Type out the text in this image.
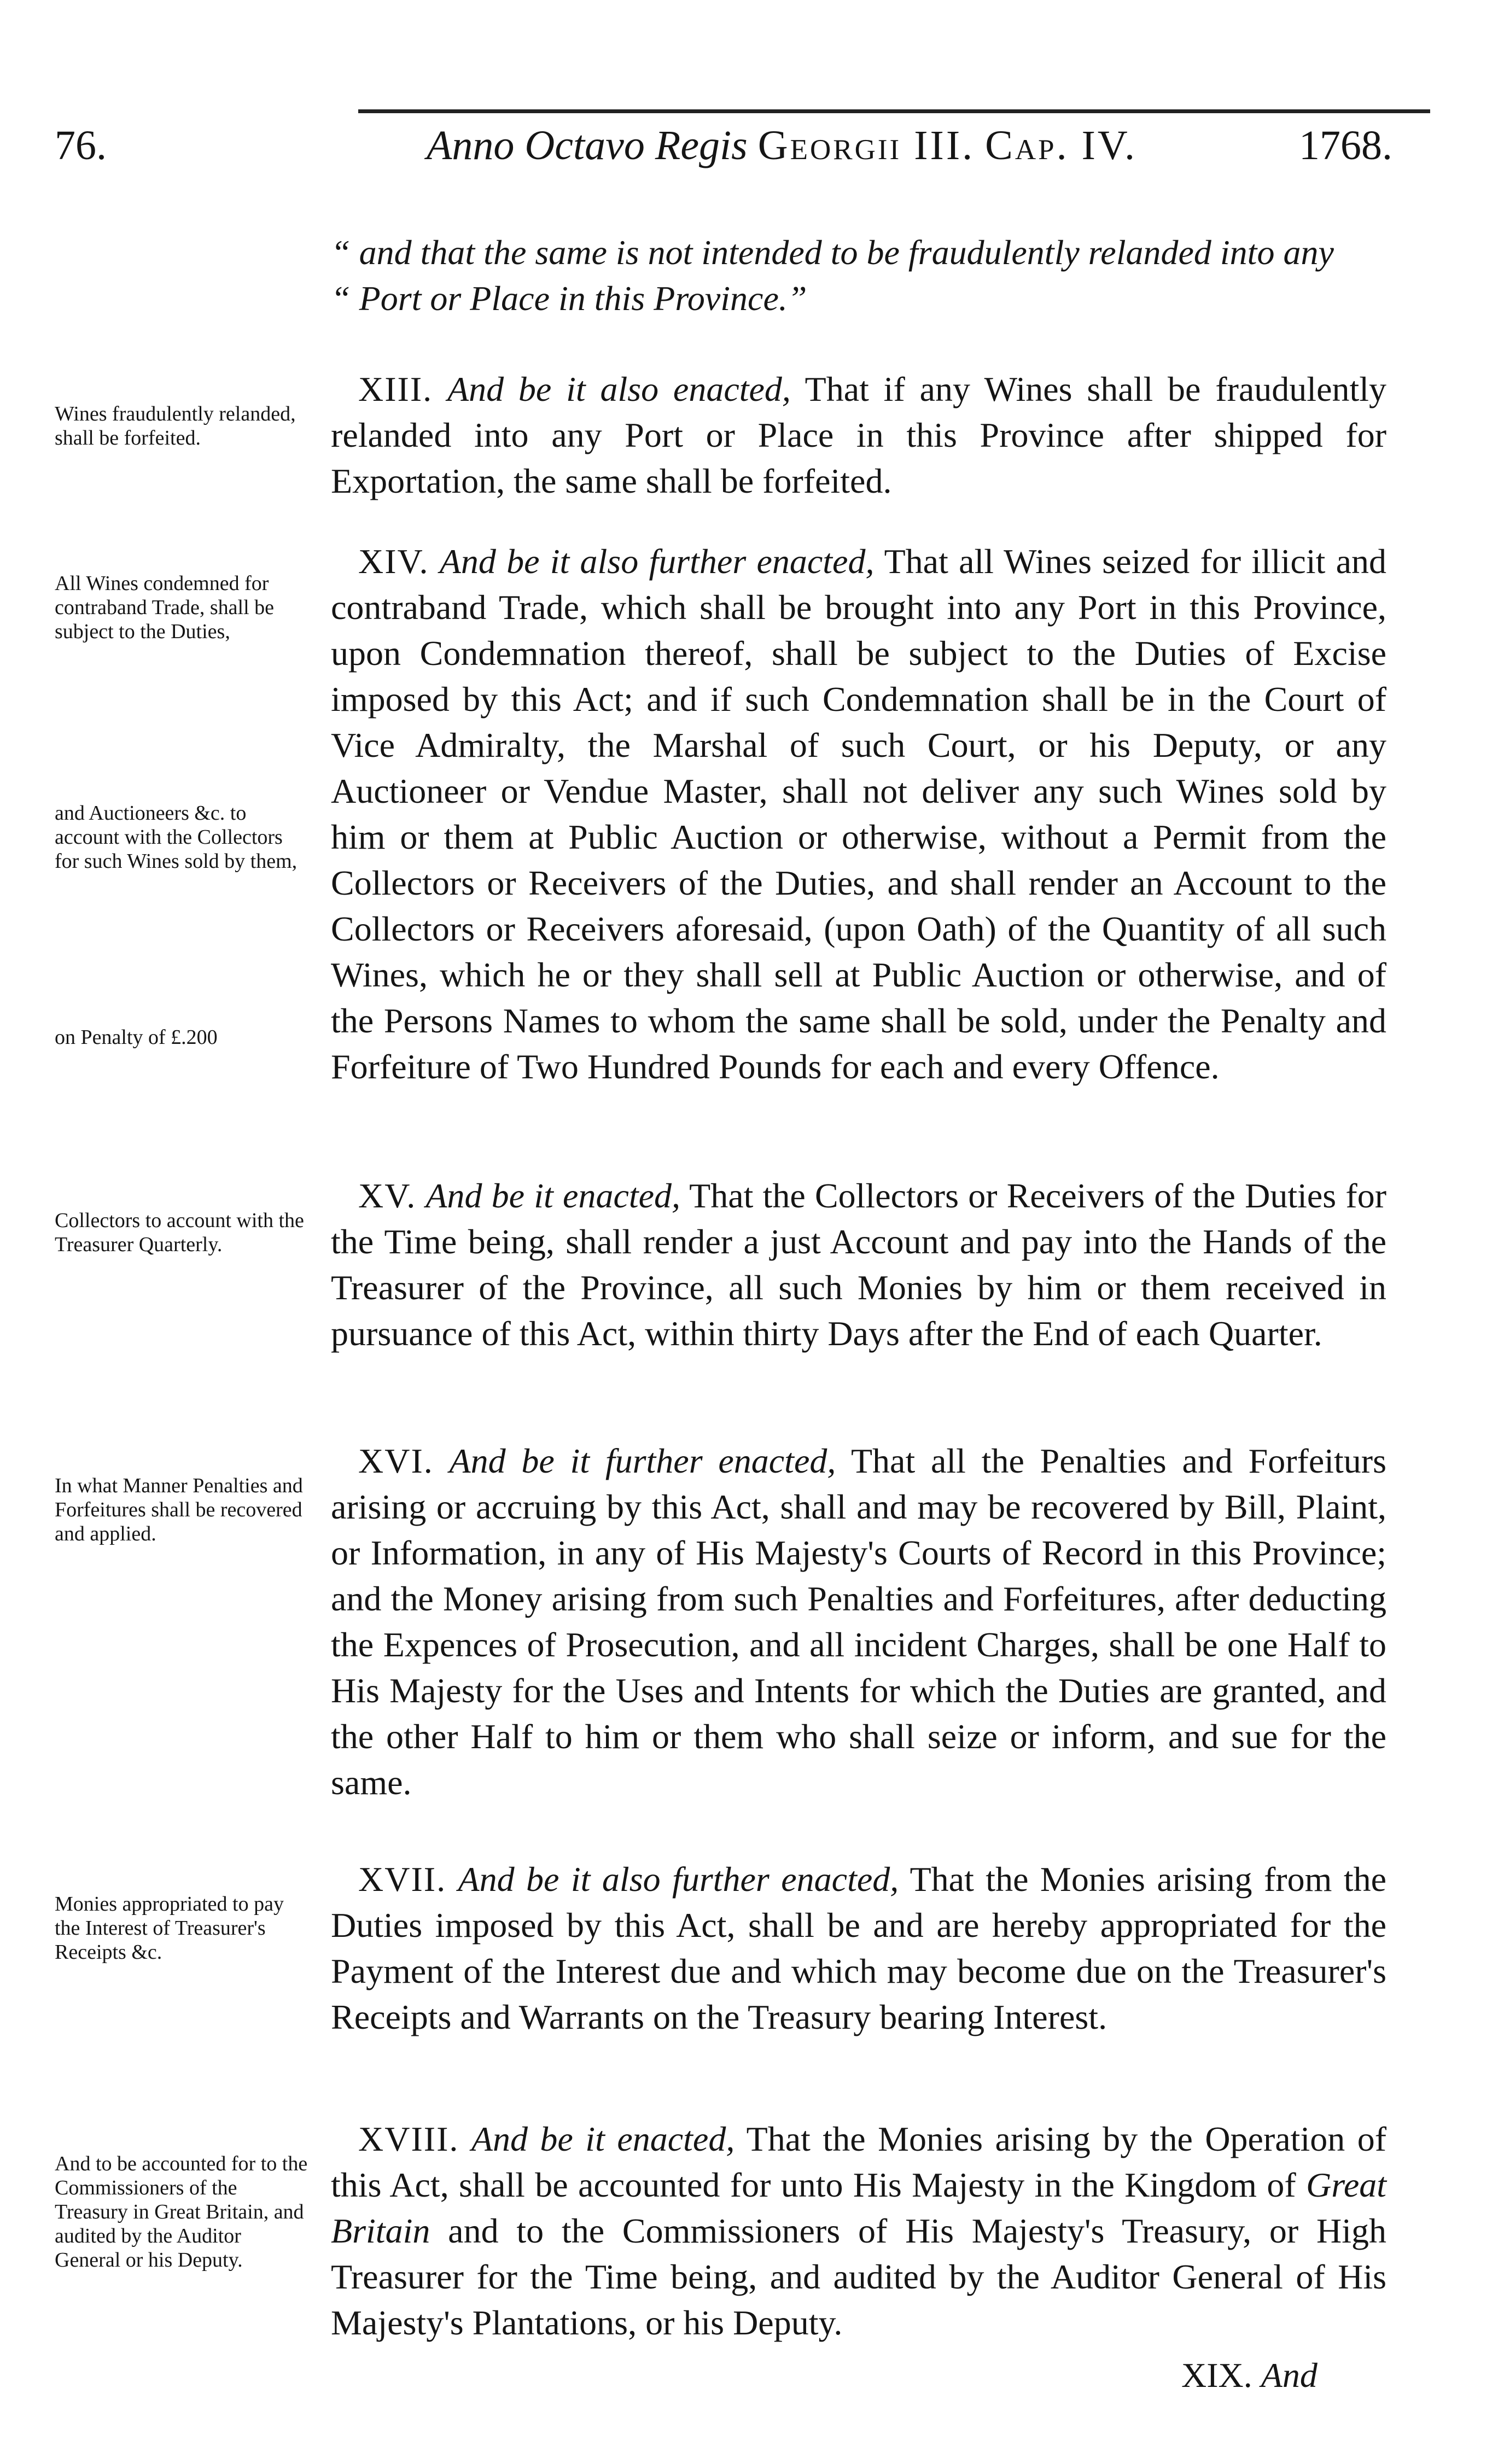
76.	Anno Octavo Regis Georgii III. Cap. IV.	1768.
“ and that the same is not intended to be fraudulently relanded into any
“ Port or Place in this Province.”
Wines fraudulently relanded, shall be forfeited.
XIII. And be it also enacted, That if any Wines shall be fraudulently relanded into any Port or Place in this Province after shipped for Exportation, the same shall be forfeited.
All Wines condemned for contraband Trade, shall be subject to the Duties,
and Auctioneers &c. to account with the Collectors for such Wines sold by them,
on Penalty of £.200
XIV. And be it also further enacted, That all Wines seized for illicit and contraband Trade, which shall be brought into any Port in this Province, upon Condemnation thereof, shall be subject to the Duties of Excise imposed by this Act; and if such Condemnation shall be in the Court of Vice Admiralty, the Marshal of such Court, or his Deputy, or any Auctioneer or Vendue Master, shall not deliver any such Wines sold by him or them at Public Auction or otherwise, without a Permit from the Collectors or Receivers of the Duties, and shall render an Account to the Collectors or Receivers aforesaid, (upon Oath) of the Quantity of all such Wines, which he or they shall sell at Public Auction or otherwise, and of the Persons Names to whom the same shall be sold, under the Penalty and Forfeiture of Two Hundred Pounds for each and every Offence.
Collectors to account with the Treasurer Quarterly.
XV. And be it enacted, That the Collectors or Receivers of the Duties for the Time being, shall render a just Account and pay into the Hands of the Treasurer of the Province, all such Monies by him or them received in pursuance of this Act, within thirty Days after the End of each Quarter.
In what Manner Penalties and Forfeitures shall be recovered and applied.
XVI. And be it further enacted, That all the Penalties and Forfeiturs arising or accruing by this Act, shall and may be recovered by Bill, Plaint, or Information, in any of His Majesty's Courts of Record in this Province; and the Money arising from such Penalties and Forfeitures, after deducting the Expences of Prosecution, and all incident Charges, shall be one Half to His Majesty for the Uses and Intents for which the Duties are granted, and the other Half to him or them who shall seize or inform, and sue for the same.
Monies appropriated to pay the Interest of Treasurer's Receipts &c.
XVII. And be it also further enacted, That the Monies arising from the Duties imposed by this Act, shall be and are hereby appropriated for the Payment of the Interest due and which may become due on the Treasurer's Receipts and Warrants on the Treasury bearing Interest.
And to be accounted for to the Commissioners of the Treasury in Great Britain, and audited by the Auditor General or his Deputy.
XVIII. And be it enacted, That the Monies arising by the Operation of this Act, shall be accounted for unto His Majesty in the Kingdom of Great Britain and to the Commissioners of His Majesty's Treasury, or High Treasurer for the Time being, and audited by the Auditor General of His Majesty's Plantations, or his Deputy.
XIX. And
